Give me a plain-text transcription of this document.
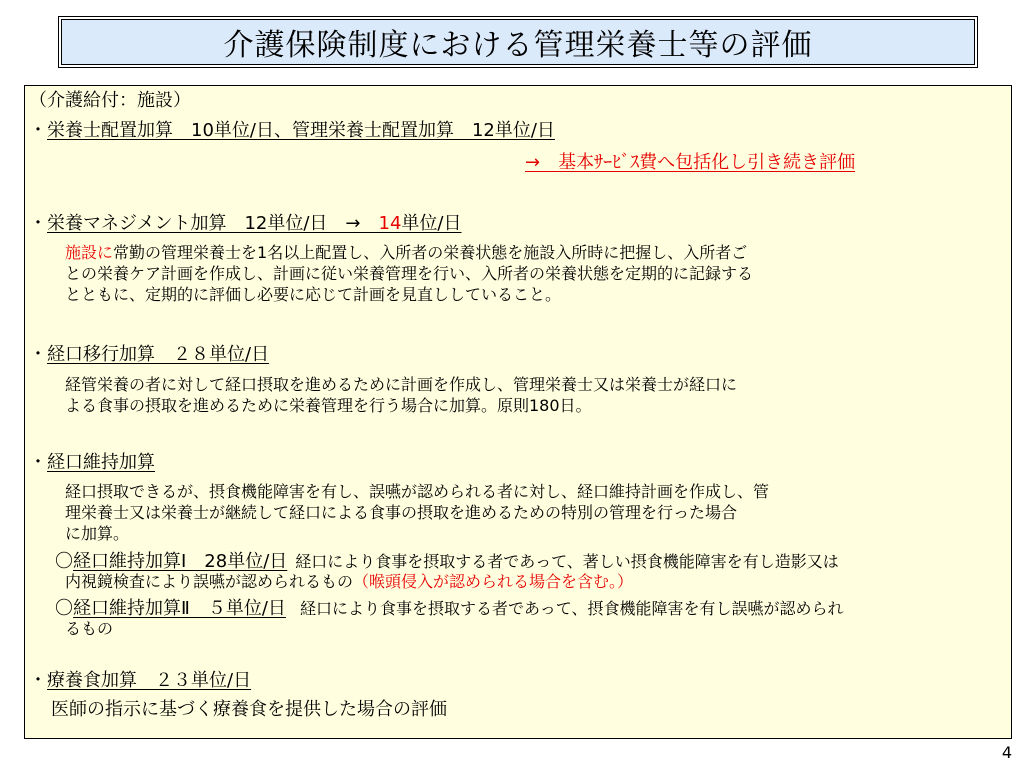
介護保険制度における管理栄養士等の評価
（介護給付：施設）
・栄養士配置加算　10単位/日、管理栄養士配置加算　12単位/日
→　基本ｻｰﾋﾞｽ費へ包括化し引き続き評価
・栄養マネジメント加算　12単位/日　→　14単位/日
施設に常勤の管理栄養士を1名以上配置し、入所者の栄養状態を施設入所時に把握し、入所者ご
との栄養ケア計画を作成し、計画に従い栄養管理を行い、入所者の栄養状態を定期的に記録する
とともに、定期的に評価し必要に応じて計画を見直ししていること。
・経口移行加算　２８単位/日
経管栄養の者に対して経口摂取を進めるために計画を作成し、管理栄養士又は栄養士が経口に
よる食事の摂取を進めるために栄養管理を行う場合に加算。原則180日。
・経口維持加算
経口摂取できるが、摂食機能障害を有し、誤嚥が認められる者に対し、経口維持計画を作成し、管
理栄養士又は栄養士が継続して経口による食事の摂取を進めるための特別の管理を行った場合
に加算。
〇経口維持加算Ⅰ　28単位/日 経口により食事を摂取する者であって、著しい摂食機能障害を有し造影又は
内視鏡検査により誤嚥が認められるもの（喉頭侵入が認められる場合を含む。）
〇経口維持加算Ⅱ　５単位/日 経口により食事を摂取する者であって、摂食機能障害を有し誤嚥が認められ
るもの
・療養食加算　２３単位/日
医師の指示に基づく療養食を提供した場合の評価
4
